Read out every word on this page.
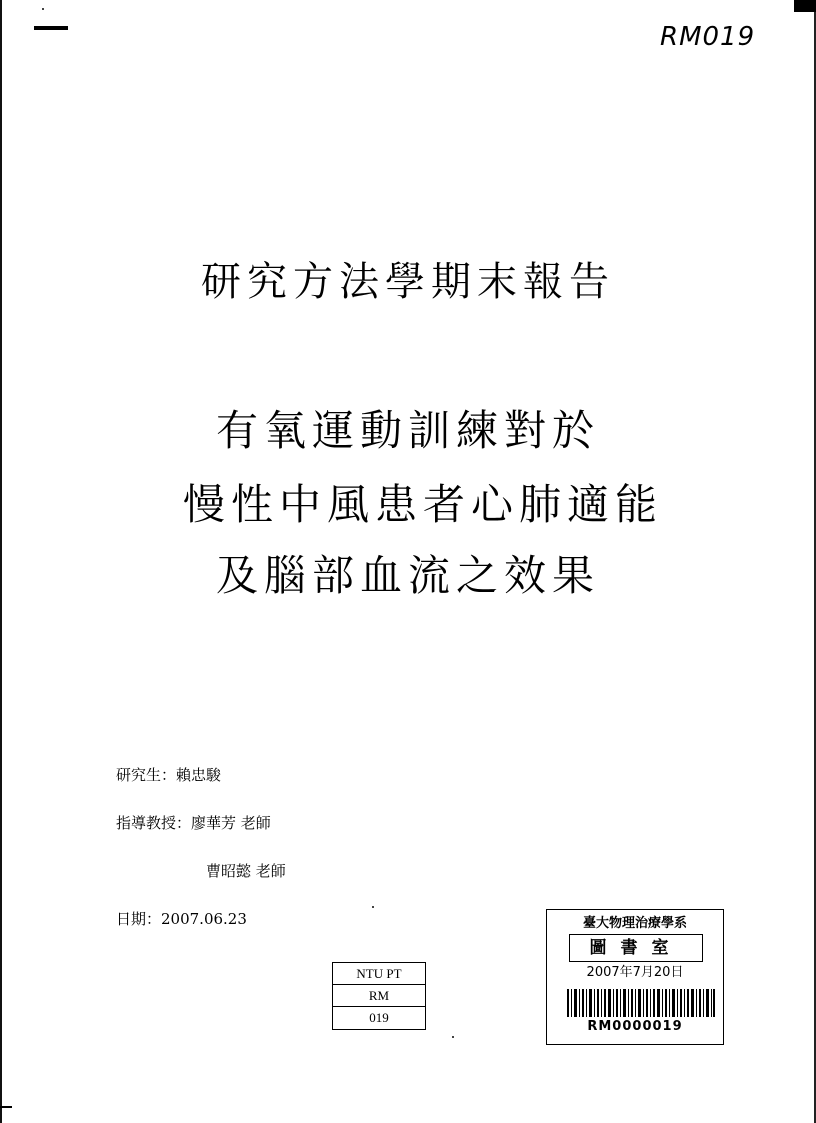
RM019
研究方法學期末報告
有氧運動訓練對於
慢性中風患者心肺適能
及腦部血流之效果
研究生：賴忠駿
指導教授：廖華芳 老師
曹昭懿 老師
日期：2007.06.23
NTU PT
RM
019
臺大物理治療學系
圖書室
2007年7月20日
RM0000019
